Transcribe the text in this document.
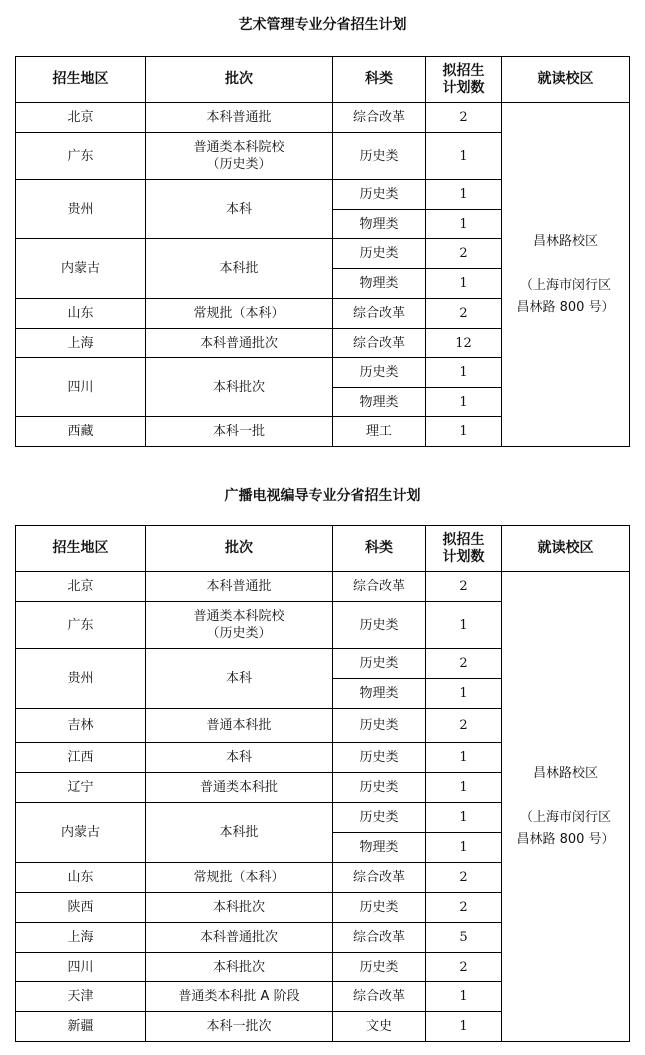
艺术管理专业分省招生计划
招生地区	批次	科类	拟招生
计划数	就读校区
北京	本科普通批	综合改革	2	昌林路校区
（上海市闵行区
昌林路 800 号）

广东	普通类本科院校
（历史类）	历史类	1	
贵州	本科	历史类	1	
		物理类	1	
内蒙古	本科批	历史类	2	
		物理类	1	
山东	常规批（本科）	综合改革	2	
上海	本科普通批次	综合改革	12	
四川	本科批次	历史类	1	
		物理类	1	
西藏	本科一批	理工	1	
广播电视编导专业分省招生计划
招生地区	批次	科类	拟招生
计划数	就读校区
北京	本科普通批	综合改革	2	昌林路校区
（上海市闵行区
昌林路 800 号）

广东	普通类本科院校
（历史类）	历史类	1	
贵州	本科	历史类	2	
		物理类	1	
吉林	普通本科批	历史类	2	
江西	本科	历史类	1	
辽宁	普通类本科批	历史类	1	
内蒙古	本科批	历史类	1	
		物理类	1	
山东	常规批（本科）	综合改革	2	
陕西	本科批次	历史类	2	
上海	本科普通批次	综合改革	5	
四川	本科批次	历史类	2	
天津	普通类本科批 A 阶段	综合改革	1	
新疆	本科一批次	文史	1	
